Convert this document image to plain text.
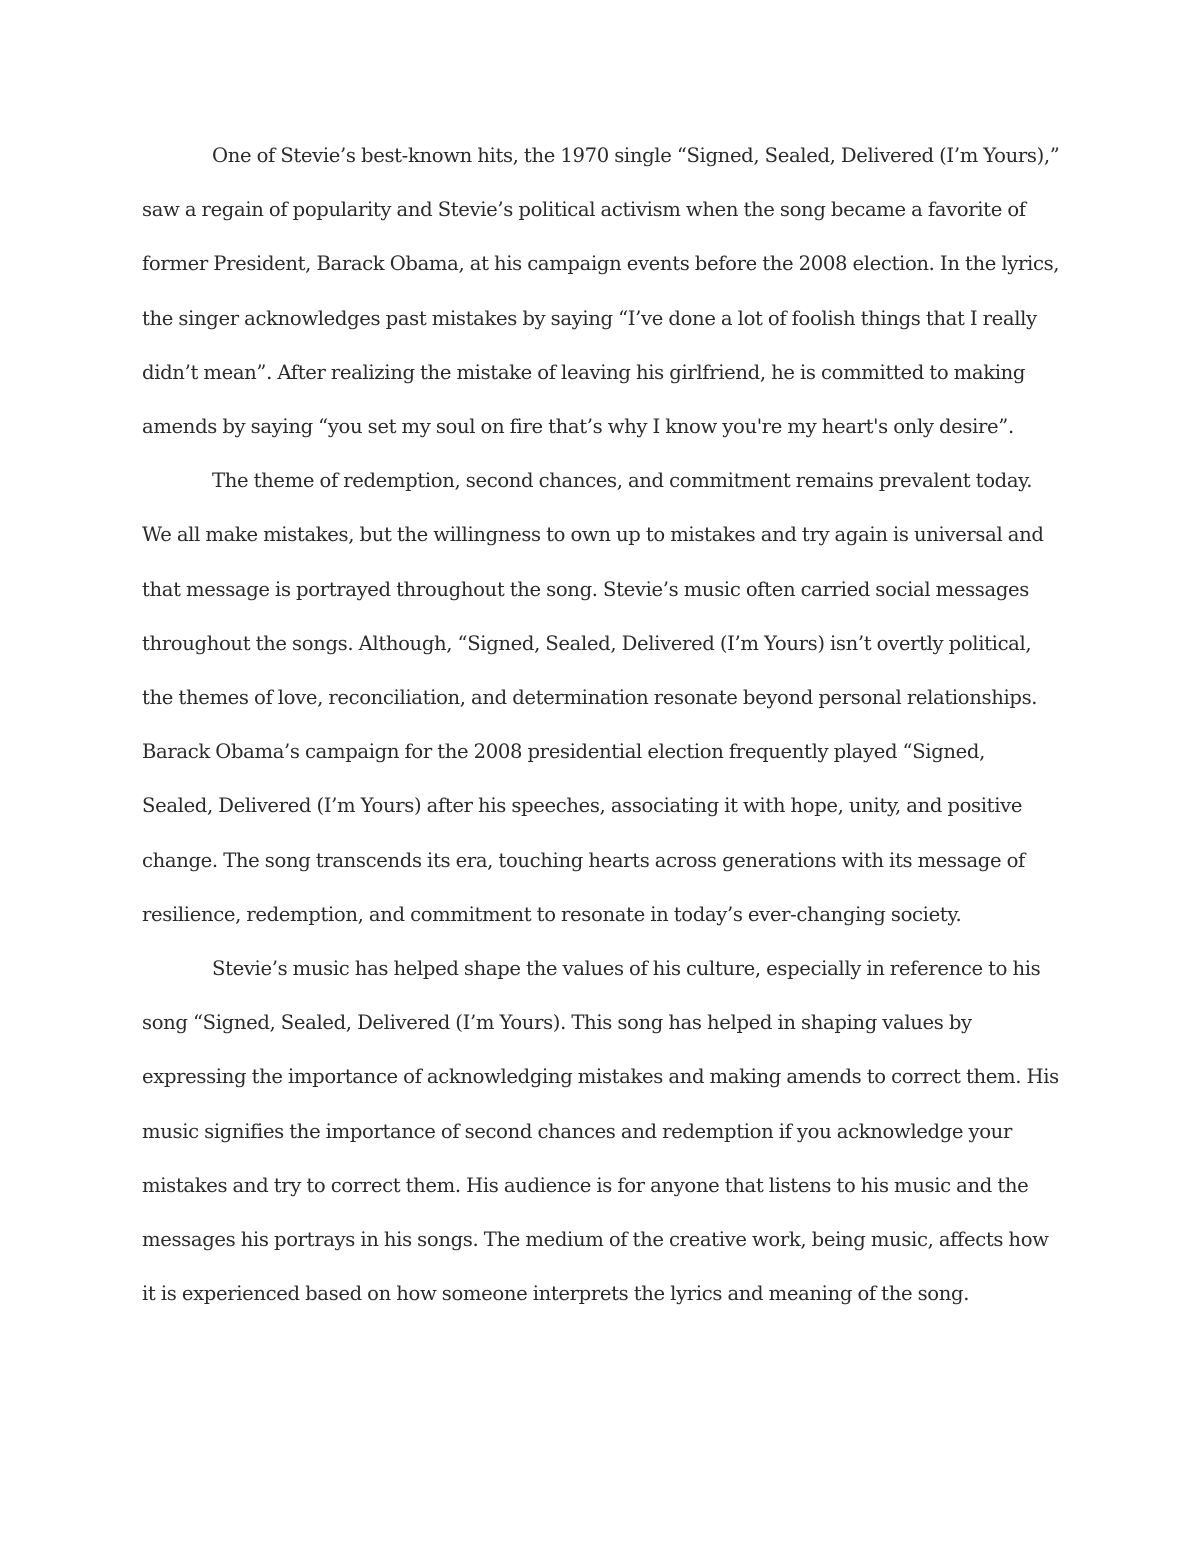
One of Stevie’s best-known hits, the 1970 single “Signed, Sealed, Delivered (I’m Yours),” saw a regain of popularity and Stevie’s political activism when the song became a favorite of former President, Barack Obama, at his campaign events before the 2008 election. In the lyrics, the singer acknowledges past mistakes by saying “I’ve done a lot of foolish things that I really didn’t mean”. After realizing the mistake of leaving his girlfriend, he is committed to making amends by saying “you set my soul on fire that’s why I know you're my heart's only desire”.

The theme of redemption, second chances, and commitment remains prevalent today. We all make mistakes, but the willingness to own up to mistakes and try again is universal and that message is portrayed throughout the song. Stevie’s music often carried social messages throughout the songs. Although, “Signed, Sealed, Delivered (I’m Yours) isn’t overtly political, the themes of love, reconciliation, and determination resonate beyond personal relationships. Barack Obama’s campaign for the 2008 presidential election frequently played “Signed, Sealed, Delivered (I’m Yours) after his speeches, associating it with hope, unity, and positive change. The song transcends its era, touching hearts across generations with its message of resilience, redemption, and commitment to resonate in today’s ever-changing society.

Stevie’s music has helped shape the values of his culture, especially in reference to his song “Signed, Sealed, Delivered (I’m Yours). This song has helped in shaping values by expressing the importance of acknowledging mistakes and making amends to correct them. His music signifies the importance of second chances and redemption if you acknowledge your mistakes and try to correct them. His audience is for anyone that listens to his music and the messages his portrays in his songs. The medium of the creative work, being music, affects how it is experienced based on how someone interprets the lyrics and meaning of the song.
